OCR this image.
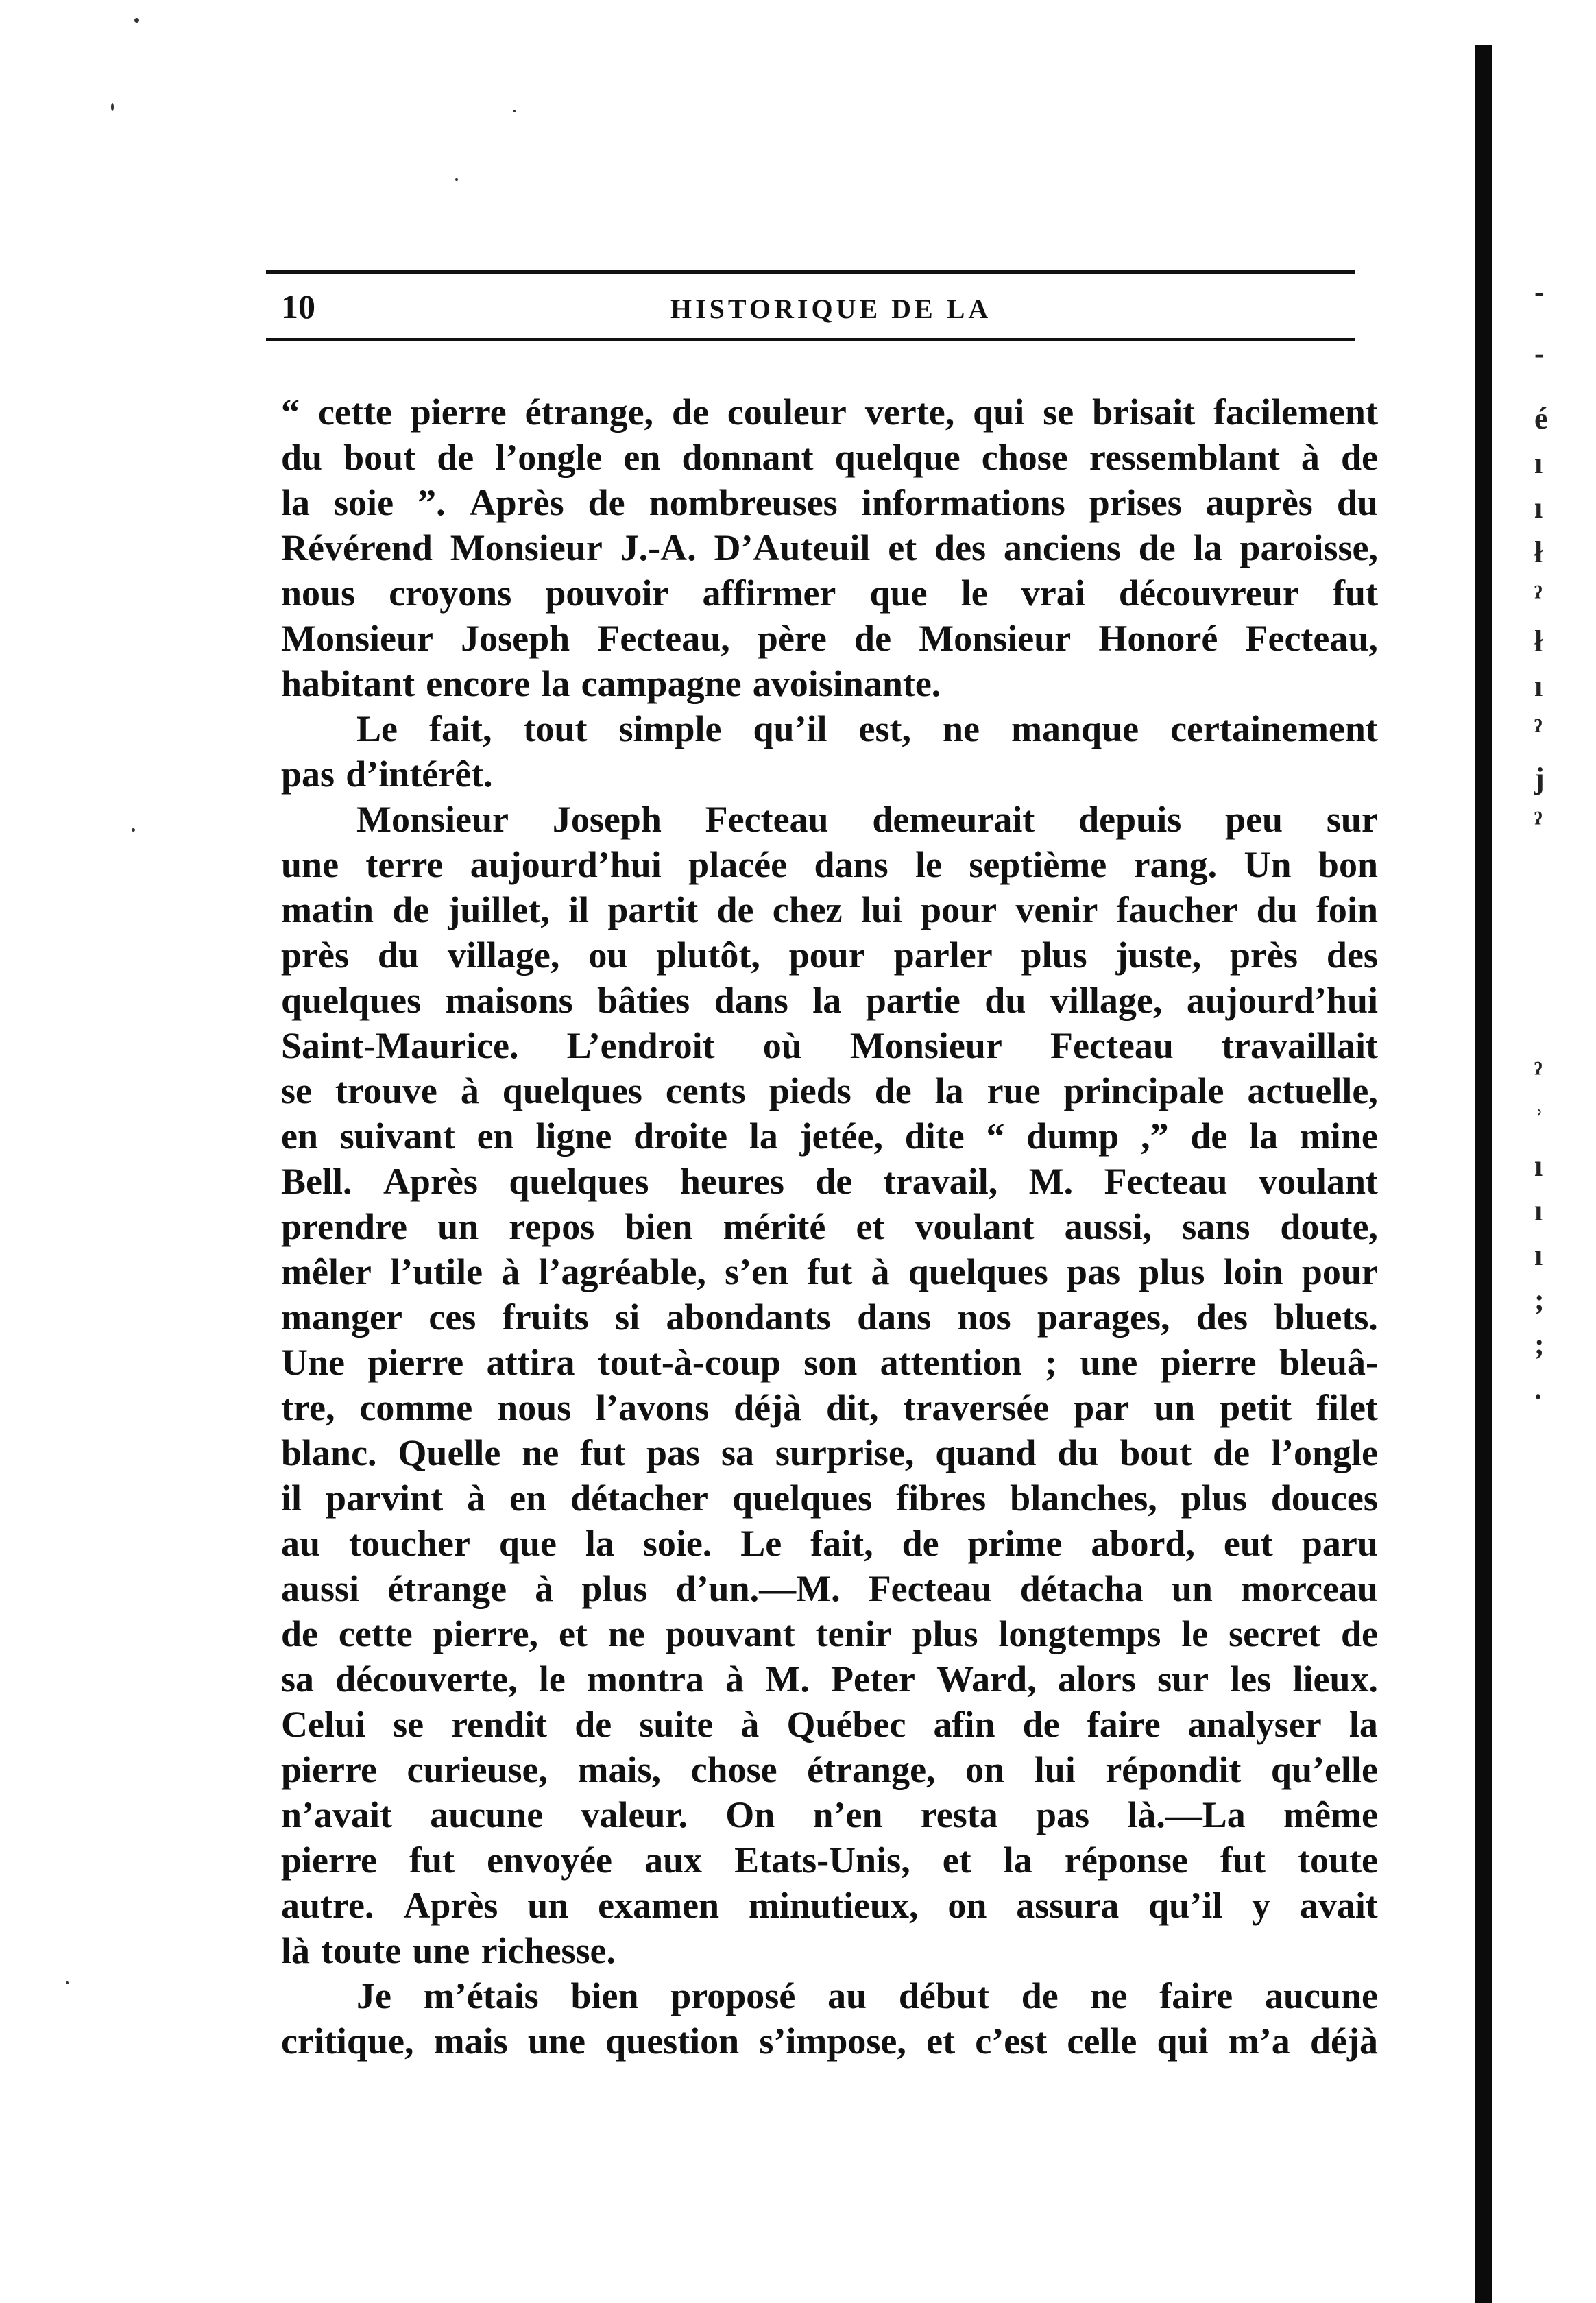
10	HISTORIQUE DE LA
“ cette pierre étrange, de couleur verte, qui se brisait facilement
du bout de l’ongle en donnant quelque chose ressemblant à de
la soie ”. Après de nombreuses informations prises auprès du
Révérend Monsieur J.-A. D’Auteuil et des anciens de la paroisse,
nous croyons pouvoir affirmer que le vrai découvreur fut
Monsieur Joseph Fecteau, père de Monsieur Honoré Fecteau,
habitant encore la campagne avoisinante.
Le fait, tout simple qu’il est, ne manque certainement
pas d’intérêt.
Monsieur Joseph Fecteau demeurait depuis peu sur
une terre aujourd’hui placée dans le septième rang. Un bon
matin de juillet, il partit de chez lui pour venir faucher du foin
près du village, ou plutôt, pour parler plus juste, près des
quelques maisons bâties dans la partie du village, aujourd’hui
Saint-Maurice. L’endroit où Monsieur Fecteau travaillait
se trouve à quelques cents pieds de la rue principale actuelle,
en suivant en ligne droite la jetée, dite “ dump ,” de la mine
Bell. Après quelques heures de travail, M. Fecteau voulant
prendre un repos bien mérité et voulant aussi, sans doute,
mêler l’utile à l’agréable, s’en fut à quelques pas plus loin pour
manger ces fruits si abondants dans nos parages, des bluets.
Une pierre attira tout-à-coup son attention ; une pierre bleuâ-
tre, comme nous l’avons déjà dit, traversée par un petit filet
blanc. Quelle ne fut pas sa surprise, quand du bout de l’ongle
il parvint à en détacher quelques fibres blanches, plus douces
au toucher que la soie. Le fait, de prime abord, eut paru
aussi étrange à plus d’un.—M. Fecteau détacha un morceau
de cette pierre, et ne pouvant tenir plus longtemps le secret de
sa découverte, le montra à M. Peter Ward, alors sur les lieux.
Celui se rendit de suite à Québec afin de faire analyser la
pierre curieuse, mais, chose étrange, on lui répondit qu’elle
n’avait aucune valeur. On n’en resta pas là.—La même
pierre fut envoyée aux Etats-Unis, et la réponse fut toute
autre. Après un examen minutieux, on assura qu’il y avait
là toute une richesse.
Je m’étais bien proposé au début de ne faire aucune
critique, mais une question s’impose, et c’est celle qui m’a déjà
-
-
é
ı
ı
ł
ˀ
ł
ı
ˀ
j
ˀ
ˀ
ʾ
ı
ı
ı
;
;
.
